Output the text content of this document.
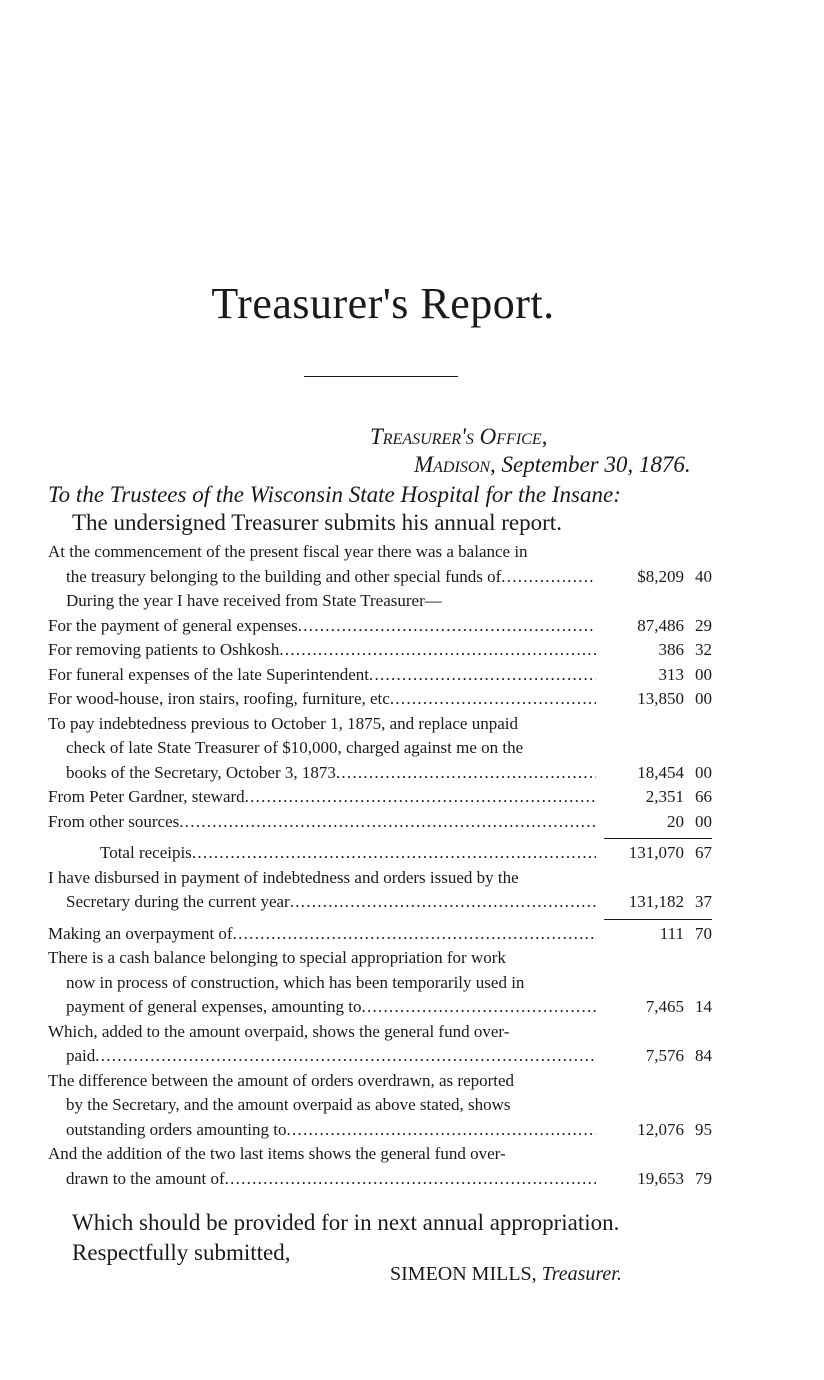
Treasurer's Report.
Treasurer's Office,
Madison, September 30, 1876.
To the Trustees of the Wisconsin State Hospital for the Insane:
The undersigned Treasurer submits his annual report.
At the commencement of the present fiscal year there was a balance in
the treasury belonging to the building and other special funds of . . .	$8,209 40
During the year I have received from State Treasurer—
For the payment of general expenses . . .	87,486 29
For removing patients to Oshkosh . . .	386 32
For funeral expenses of the late Superintendent . . .	313 00
For wood-house, iron stairs, roofing, furniture, etc . . .	13,850 00
To pay indebtedness previous to October 1, 1875, and replace unpaid
check of late State Treasurer of $10,000, charged against me on the
books of the Secretary, October 3, 1873 . . .	18,454 00
From Peter Gardner, steward . . .	2,351 66
From other sources . . .	20 00
Total receipis . . .	131,070 67
I have disbursed in payment of indebtedness and orders issued by the
Secretary during the current year . . .	131,182 37
Making an overpayment of . . .	111 70
There is a cash balance belonging to special appropriation for work
now in process of construction, which has been temporarily used in
payment of general expenses, amounting to . . .	7,465 14
Which, added to the amount overpaid, shows the general fund over-
paid . . .	7,576 84
The difference between the amount of orders overdrawn, as reported
by the Secretary, and the amount overpaid as above stated, shows
outstanding orders amounting to . . .	12,076 95
And the addition of the two last items shows the general fund over-
drawn to the amount of . . .	19,653 79
Which should be provided for in next annual appropriation.
Respectfully submitted,
SIMEON MILLS, Treasurer.
